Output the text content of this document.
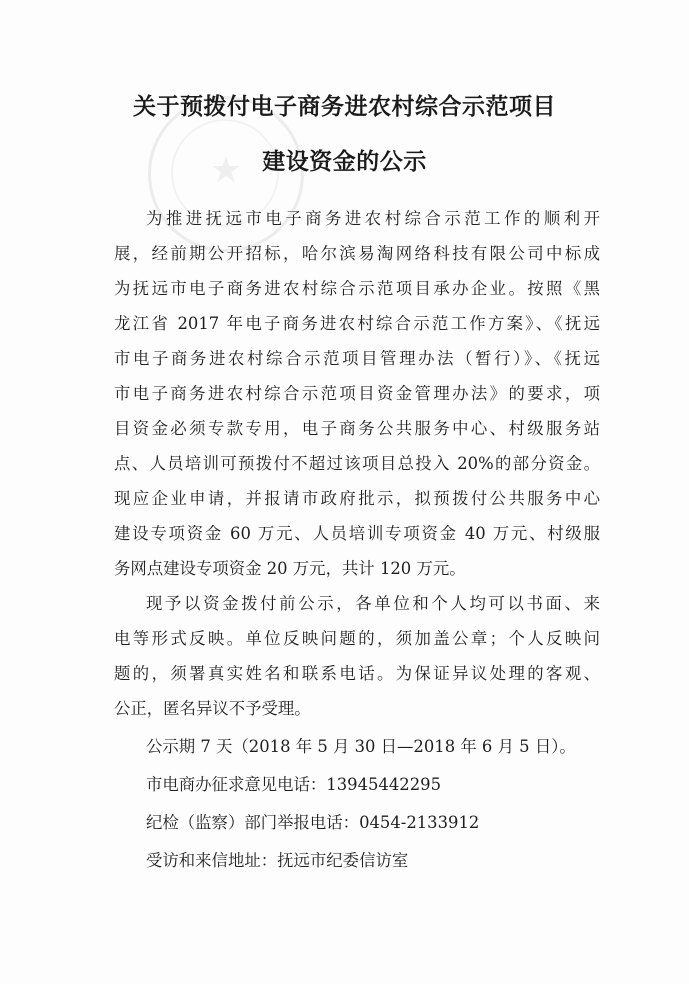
★
关于预拨付电子商务进农村综合示范项目
建设资金的公示
为推进抚远市电子商务进农村综合示范工作的顺利开
展，经前期公开招标，哈尔滨易淘网络科技有限公司中标成
为抚远市电子商务进农村综合示范项目承办企业。按照《黑
龙江省 2017 年电子商务进农村综合示范工作方案》、《抚远
市电子商务进农村综合示范项目管理办法（暂行）》、《抚远
市电子商务进农村综合示范项目资金管理办法》的要求，项
目资金必须专款专用，电子商务公共服务中心、村级服务站
点、人员培训可预拨付不超过该项目总投入 20%的部分资金。
现应企业申请，并报请市政府批示，拟预拨付公共服务中心
建设专项资金 60 万元、人员培训专项资金 40 万元、村级服
务网点建设专项资金 20 万元，共计 120 万元。
现予以资金拨付前公示，各单位和个人均可以书面、来
电等形式反映。单位反映问题的，须加盖公章；个人反映问
题的，须署真实姓名和联系电话。为保证异议处理的客观、
公正，匿名异议不予受理。
公示期 7 天（2018 年 5 月 30 日—2018 年 6 月 5 日）。
市电商办征求意见电话：13945442295
纪检（监察）部门举报电话：0454-2133912
受访和来信地址：抚远市纪委信访室
